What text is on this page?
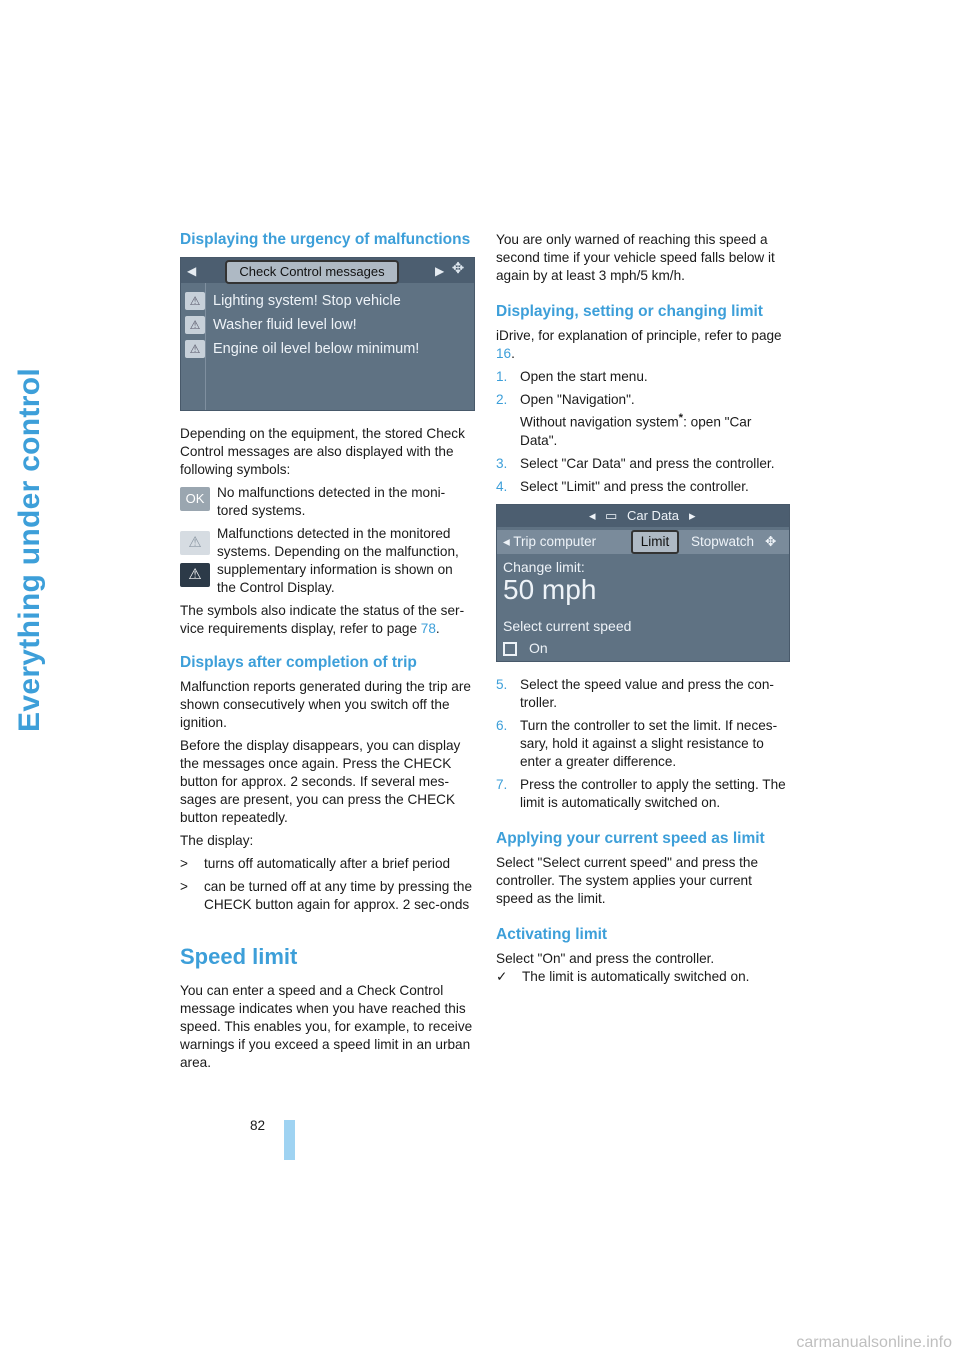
Everything under control
Displaying the urgency of malfunctions
◀	Check Control messages	▶ ✥
⚠ Lighting system! Stop vehicle
⚠ Washer fluid level low!
⚠ Engine oil level below minimum!

Depending on the equipment, the stored Check Control messages are also displayed with the following symbols:

OK No malfunctions detected in the moni-tored systems.
⚠
⚠
Malfunctions detected in the monitored systems. Depending on the malfunction, supplementary information is shown on the Control Display.

The symbols also indicate the status of the ser-vice requirements display, refer to page 78.

Displays after completion of trip

Malfunction reports generated during the trip are shown consecutively when you switch off the ignition.

Before the display disappears, you can display the messages once again. Press the CHECK button for approx. 2 seconds. If several mes-sages are present, you can press the CHECK button repeatedly.

The display:

> turns off automatically after a brief period
> can be turned off at any time by pressing the CHECK button again for approx. 2 sec-onds
Speed limit

You can enter a speed and a Check Control message indicates when you have reached this speed. This enables you, for example, to receive warnings if you exceed a speed limit in an urban area.

You are only warned of reaching this speed a second time if your vehicle speed falls below it again by at least 3 mph/5 km/h.

Displaying, setting or changing limit

iDrive, for explanation of principle, refer to page 16.

1. Open the start menu.
2. Open "Navigation".
Without navigation system*: open "Car Data".
3. Select "Car Data" and press the controller.
4. Select "Limit" and press the controller.
◂ ▭ Car Data ▸
◂ Trip computer	Limit	Stopwatch ✥
Change limit:
50 mph
Select current speed
On
5. Select the speed value and press the con-troller.
6. Turn the controller to set the limit. If neces-sary, hold it against a slight resistance to enter a greater difference.
7. Press the controller to apply the setting. The limit is automatically switched on.
Applying your current speed as limit

Select "Select current speed" and press the controller. The system applies your current speed as the limit.

Activating limit

Select "On" and press the controller.

✓ The limit is automatically switched on.

82
carmanualsonline.info
